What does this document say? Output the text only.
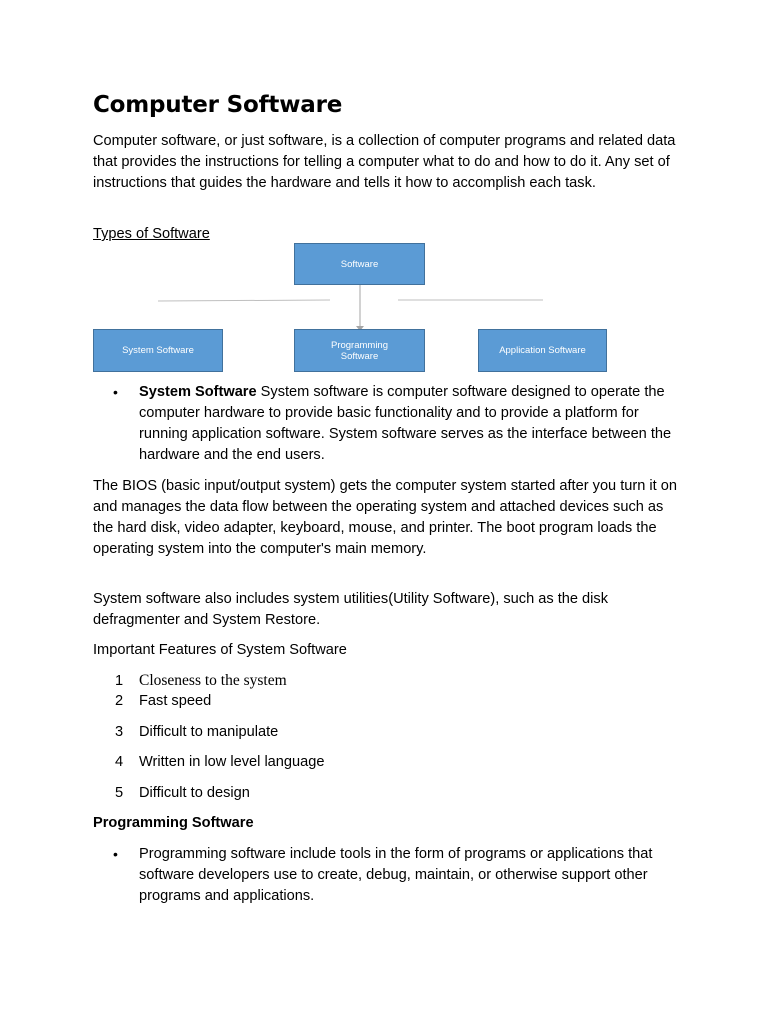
Computer Software

Computer software, or just software, is a collection of computer programs and related data that provides the instructions for telling a computer what to do and how to do it. Any set of instructions that guides the hardware and tells it how to accomplish each task.

Types of Software
Software
System Software	Programming Software	Application Software
• System Software System software is computer software designed to operate the computer hardware to provide basic functionality and to provide a platform for running application software. System software serves as the interface between the hardware and the end users.

The BIOS (basic input/output system) gets the computer system started after you turn it on and manages the data flow between the operating system and attached devices such as the hard disk, video adapter, keyboard, mouse, and printer. The boot program loads the operating system into the computer's main memory.

System software also includes system utilities(Utility Software), such as the disk defragmenter and System Restore.

Important Features of System Software
1 Closeness to the system
2 Fast speed
3 Difficult to manipulate
4 Written in low level language
5 Difficult to design
Programming Software
• Programming software include tools in the form of programs or applications that software developers use to create, debug, maintain, or otherwise support other programs and applications.
